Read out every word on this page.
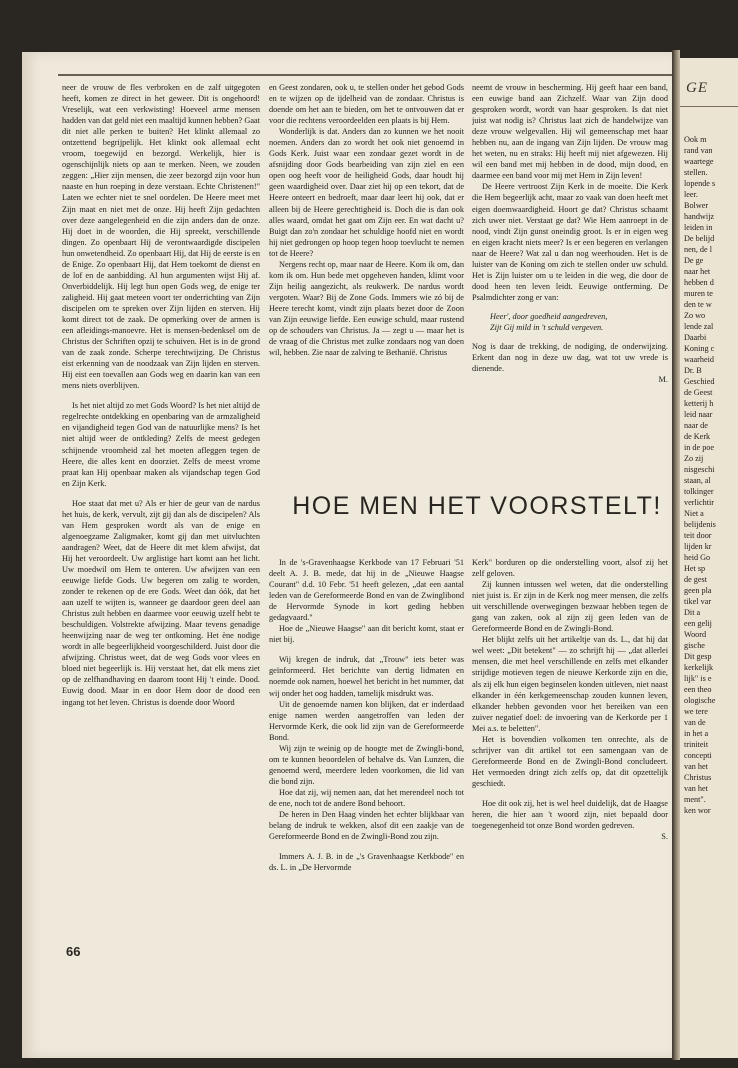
neer de vrouw de fles verbroken en de zalf uitgegoten heeft, komen ze direct in het geweer. Dit is ongehoord! Vreselijk, wat een verkwisting! Hoeveel arme mensen hadden van dat geld niet een maaltijd kunnen hebben? Gaat dit niet alle perken te buiten? Het klinkt allemaal zo ontzettend begrijpelijk. Het klinkt ook allemaal echt vroom, toegewijd en bezorgd. Werkelijk, hier is ogenschijnlijk niets op aan te merken. Neen, we zouden zeggen: „Hier zijn mensen, die zeer bezorgd zijn voor hun naaste en hun roeping in deze verstaan. Echte Christenen!" Laten we echter niet te snel oordelen. De Heere meet met Zijn maat en niet met de onze. Hij heeft Zijn gedachten over deze aangelegenheid en die zijn anders dan de onze. Hij doet in de woorden, die Hij spreekt, verschillende dingen. Zo openbaart Hij de verontwaardigde discipelen hun onwetendheid. Zo openbaart Hij, dat Hij de eerste is en de Enige. Zo openbaart Hij, dat Hem toekomt de dienst en de lof en de aanbidding. Al hun argumenten wijst Hij af. Onverbiddelijk. Hij legt hun open Gods weg, de enige ter zaligheid. Hij gaat meteen voort ter onderrichting van Zijn discipelen om te spreken over Zijn lijden en sterven. Hij komt direct tot de zaak. De opmerking over de armen is een afleidings-manoevre. Het is mensen-bedenksel om de Christus der Schriften opzij te schuiven. Het is in de grond van de zaak zonde. Scherpe terechtwijzing. De Christus eist erkenning van de noodzaak van Zijn lijden en sterven. Hij eist een toevallen aan Gods weg en daarin kan van een mens niets overblijven.

Is het niet altijd zo met Gods Woord? Is het niet altijd de regelrechte ontdekking en openbaring van de armzaligheid en vijandigheid tegen God van de natuurlijke mens? Is het niet altijd weer de ontkleding? Zelfs de meest gedegen schijnende vroomheid zal het moeten afleggen tegen de Heere, die alles kent en doorziet. Zelfs de meest vrome praat kan Hij openbaar maken als vijandschap tegen God en Zijn Kerk.

Hoe staat dat met u? Als er hier de geur van de nardus het huis, de kerk, vervult, zijt gij dan als de discipelen? Als van Hem gesproken wordt als van de enige en algenoegzame Zaligmaker, komt gij dan met uitvluchten aandragen? Weet, dat de Heere dit met klem afwijst, dat Hij het veroordeelt. Uw arglistige hart komt aan het licht. Uw moedwil om Hem te onteren. Uw afwijzen van een eeuwige liefde Gods. Uw begeren om zalig te worden, zonder te rekenen op de ere Gods. Weet dan óók, dat het aan uzelf te wijten is, wanneer ge daardoor geen deel aan Christus zult hebben en daarmee voor eeuwig uzelf hebt te beschuldigen. Volstrekte afwijzing. Maar tevens genadige heenwijzing naar de weg ter ontkoming. Het ène nodige wordt in alle begeerlijkheid voorgeschilderd. Juist door die afwijzing. Christus weet, dat de weg Gods voor vlees en bloed niet begeerlijk is. Hij verstaat het, dat elk mens ziet op de zelfhandhaving en daarom toont Hij 't einde. Dood. Euwig dood. Maar in en door Hem door de dood een ingang tot het leven. Christus is doende door Woord

en Geest zondaren, ook u, te stellen onder het gebod Gods en te wijzen op de ijdelheid van de zondaar. Christus is doende om het aan te bieden, om het te ontvouwen dat er voor die rechtens veroordeelden een plaats is bij Hem.

Wonderlijk is dat. Anders dan zo kunnen we het nooit noemen. Anders dan zo wordt het ook niet genoemd in Gods Kerk. Juist waar een zondaar gezet wordt in de afsnijding door Gods bearbeiding van zijn ziel en een open oog heeft voor de heiligheid Gods, daar houdt hij geen waardigheid over. Daar ziet hij op een tekort, dat de Heere onteert en bedroeft, maar daar leert hij ook, dat er alleen bij de Heere gerechtigheid is. Doch die is dan ook alles waard, omdat het gaat om Zijn eer. En wat dacht u? Buigt dan zo'n zondaar het schuldige hoofd niet en wordt hij niet gedrongen op hoop tegen hoop toevlucht te nemen tot de Heere?

Nergens recht op, maar naar de Heere. Kom ik om, dan kom ik om. Hun bede met opgeheven handen, klimt voor Zijn heilig aangezicht, als reukwerk. De nardus wordt vergoten. Waar? Bij de Zone Gods. Immers wie zó bij de Heere terecht komt, vindt zijn plaats bezet door de Zoon van Zijn eeuwige liefde. Een euwige schuld, maar rustend op de schouders van Christus. Ja — zegt u — maar het is de vraag of die Christus met zulke zondaars nog van doen wil, hebben. Zie naar de zalving te Bethanië. Christus

neemt de vrouw in bescherming. Hij geeft haar een band, een euwige band aan Zichzelf. Waar van Zijn dood gesproken wordt, wordt van haar gesproken. Is dat niet juist wat nodig is? Christus laat zich de handelwijze van deze vrouw welgevallen. Hij wil gemeenschap met haar hebben nu, aan de ingang van Zijn lijden. De vrouw mag het weten, nu en straks: Hij heeft mij niet afgewezen. Hij wil een band met mij hebben in de dood, mijn dood, en daarmee een band voor mij met Hem in Zijn leven!

De Heere vertroost Zijn Kerk in de moeite. Die Kerk die Hem begeerlijk acht, maar zo vaak van doen heeft met eigen doemwaardigheid. Hoort ge dat? Christus schaamt zich uwer niet. Verstaat ge dat? Wie Hem aanroept in de nood, vindt Zijn gunst oneindig groot. Is er in eigen weg en eigen kracht niets meer? Is er een begeren en verlangen naar de Heere? Wat zal u dan nog weerhouden. Het is de luister van de Koning om zich te stellen onder uw schuld. Het is Zijn luister om u te leiden in die weg, die door de dood heen ten leven leidt. Eeuwige ontferming. De Psalmdichter zong er van:

Heer', door goedheid aangedreven,
Zijt Gij mild in 't schuld vergeven.

Nog is daar de trekking, de nodiging, de onderwijzing. Erkent dan nog in deze uw dag, wat tot uw vrede is dienende.

M.

HOE MEN HET VOORSTELT!

In de 's-Gravenhaagse Kerkbode van 17 Februari '51 deelt A. J. B. mede, dat hij in de „Nieuwe Haagse Courant" d.d. 10 Febr. '51 heeft gelezen, „dat een aantal leden van de Gereformeerde Bond en van de Zwinglibond de Hervormde Synode in kort geding hebben gedagvaard."

Hoe de „Nieuwe Haagse" aan dit bericht komt, staat er niet bij.

Wij kregen de indruk, dat „Trouw" iets beter was geïnformeerd. Het berichtte van dertig lidmaten en noemde ook namen, hoewel het bericht in het nummer, dat wij onder het oog hadden, tamelijk misdrukt was.

Uit de genoemde namen kon blijken, dat er inderdaad enige namen werden aangetroffen van leden der Hervormde Kerk, die ook lid zijn van de Gereformeerde Bond.

Wij zijn te weinig op de hoogte met de Zwingli-bond, om te kunnen beoordelen of behalve ds. Van Lunzen, die genoemd werd, meerdere leden voorkomen, die lid van die bond zijn.

Hoe dat zij, wij nemen aan, dat het merendeel noch tot de ene, noch tot de andere Bond behoort.

De heren in Den Haag vinden het echter blijkbaar van belang de indruk te wekken, alsof dit een zaakje van de Gereformeerde Bond en de Zwingli-Bond zou zijn.

Immers A. J. B. in de „'s Gravenhaagse Kerkbode" en ds. L. in „De Hervormde

Kerk" borduren op die onderstelling voort, alsof zij het zelf geloven.

Zij kunnen intussen wel weten, dat die onderstelling niet juist is. Er zijn in de Kerk nog meer mensen, die zelfs uit verschillende overwegingen bezwaar hebben tegen de gang van zaken, ook al zijn zij geen leden van de Gereformeerde Bond en de Zwingli-Bond.

Het blijkt zelfs uit het artikeltje van ds. L., dat hij dat wel weet: „Dit betekent" — zo schrijft hij — „dat allerlei mensen, die met heel verschillende en zelfs met elkander strijdige motieven tegen de nieuwe Kerkorde zijn en die, als zij elk hun eigen beginselen konden uitleven, niet naast elkander in één kerkgemeenschap zouden kunnen leven, elkander hebben gevonden voor het bereiken van een zuiver negatief doel: de invoering van de Kerkorde per 1 Mei a.s. te beletten".

Het is bovendien volkomen ten onrechte, als de schrijver van dit artikel tot een samengaan van de Gereformeerde Bond en de Zwingli-Bond concludeert. Het vermoeden dringt zich zelfs op, dat dit opzettelijk geschiedt.

Hoe dit ook zij, het is wel heel duidelijk, dat de Haagse heren, die hier aan 't woord zijn, niet bepaald door toegenegenheid tot onze Bond worden gedreven.

S.

66
GE
Ook m
rand van
waartege
stellen.
lopende s
leer.
Bolwer
handwijz
leiden in
De belijd
nen, de l
De ge
naar het
hebben d
muren te
den te w
Zo wo
lende zal
Daarbi
Koning c
waarheid
Dr. B
Geschied
de Geest
ketterij h
leid naar
naar de
de Kerk
in de poe
Zo zij
nisgeschi
staan, al
tolkinger
verlichtir
Niet a
belijdenis
teit door
lijden kr
heid Go
Het sp
de gest
geen pla
tikel var
Dit a
een gelij
Woord
gische
Dit gesp
kerkelijk
lijk" is e
een theo
ologische
we tere
van de
in het a
triniteit
concepti
van het
Christus
van het
ment".
ken wor
